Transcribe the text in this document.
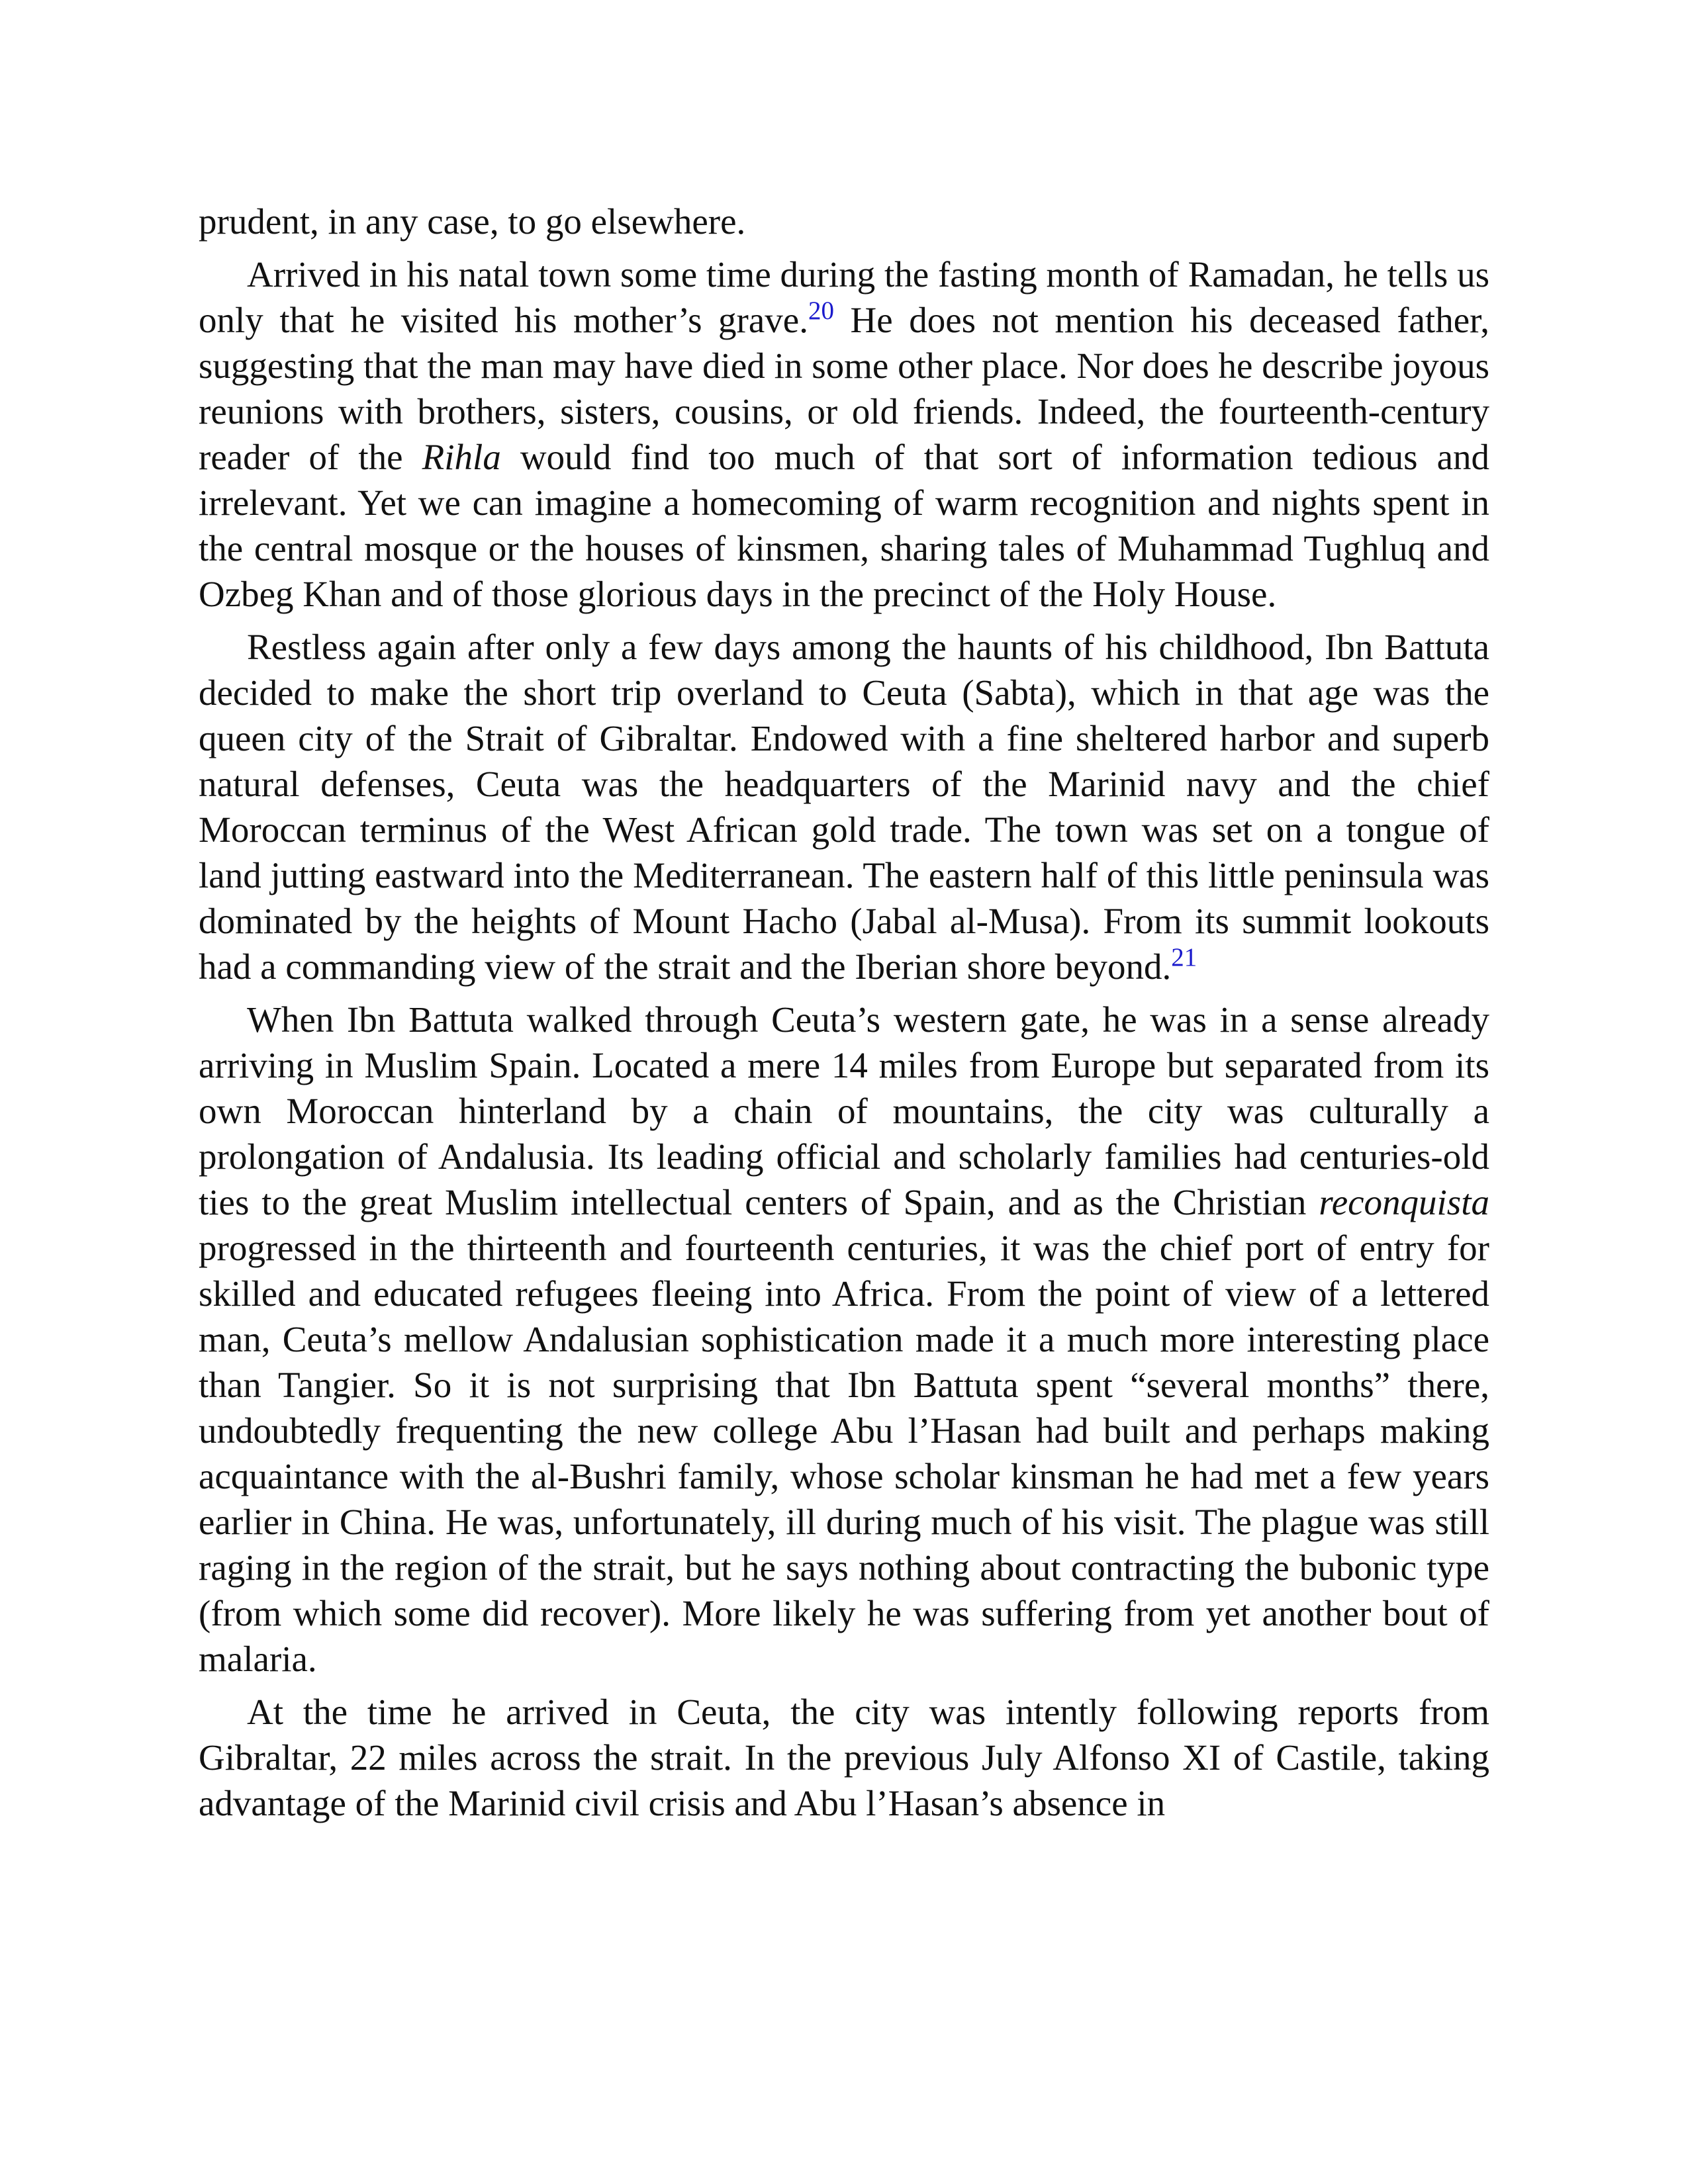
prudent, in any case, to go elsewhere.

Arrived in his natal town some time during the fasting month of Ramadan, he tells us only that he visited his mother’s grave.$^{20}$ He does not mention his deceased father, suggesting that the man may have died in some other place. Nor does he describe joyous reunions with brothers, sisters, cousins, or old friends. Indeed, the fourteenth-century reader of the Rihla would find too much of that sort of information tedious and irrelevant. Yet we can imagine a homecoming of warm recognition and nights spent in the central mosque or the houses of kinsmen, sharing tales of Muhammad Tughluq and Ozbeg Khan and of those glorious days in the precinct of the Holy House.

Restless again after only a few days among the haunts of his childhood, Ibn Battuta decided to make the short trip overland to Ceuta (Sabta), which in that age was the queen city of the Strait of Gibraltar. Endowed with a fine sheltered harbor and superb natural defenses, Ceuta was the headquarters of the Marinid navy and the chief Moroccan terminus of the West African gold trade. The town was set on a tongue of land jutting eastward into the Mediterranean. The eastern half of this little peninsula was dominated by the heights of Mount Hacho (Jabal al-Musa). From its summit lookouts had a commanding view of the strait and the Iberian shore beyond.$^{21}$

When Ibn Battuta walked through Ceuta’s western gate, he was in a sense already arriving in Muslim Spain. Located a mere 14 miles from Europe but separated from its own Moroccan hinterland by a chain of mountains, the city was culturally a prolongation of Andalusia. Its leading official and scholarly families had centuries-old ties to the great Muslim intellectual centers of Spain, and as the Christian reconquista progressed in the thirteenth and fourteenth centuries, it was the chief port of entry for skilled and educated refugees fleeing into Africa. From the point of view of a lettered man, Ceuta’s mellow Andalusian sophistication made it a much more interesting place than Tangier. So it is not surprising that Ibn Battuta spent “several months” there, undoubtedly frequenting the new college Abu l’Hasan had built and perhaps making acquaintance with the al-Bushri family, whose scholar kinsman he had met a few years earlier in China. He was, unfortunately, ill during much of his visit. The plague was still raging in the region of the strait, but he says nothing about contracting the bubonic type (from which some did recover). More likely he was suffering from yet another bout of malaria.

At the time he arrived in Ceuta, the city was intently following reports from Gibraltar, 22 miles across the strait. In the previous July Alfonso XI of Castile, taking advantage of the Marinid civil crisis and Abu l’Hasan’s absence in
